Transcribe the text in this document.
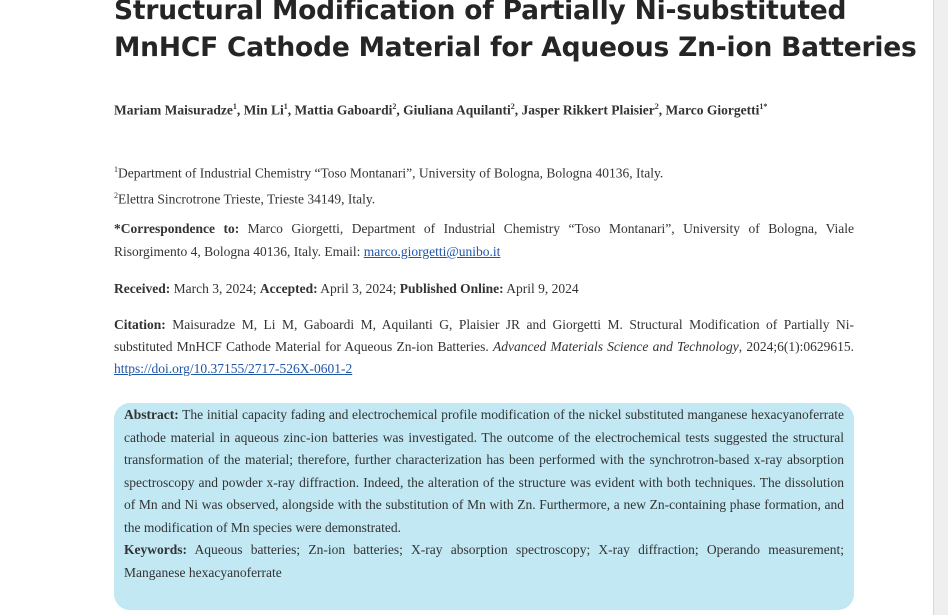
Structural Modification of Partially Ni-substituted
MnHCF Cathode Material for Aqueous Zn-ion Batteries
Mariam Maisuradze$^1$, Min Li$^1$, Mattia Gaboardi$^2$, Giuliana Aquilanti$^2$, Jasper Rikkert Plaisier$^2$, Marco Giorgetti$^{1*}$
$^1$Department of Industrial Chemistry “Toso Montanari”, University of Bologna, Bologna 40136, Italy.
$^2$Elettra Sincrotrone Trieste, Trieste 34149, Italy.
*Correspondence to: Marco Giorgetti, Department of Industrial Chemistry “Toso Montanari”, University of Bologna, Viale Risorgimento 4, Bologna 40136, Italy. Email: marco.giorgetti@unibo.it
Received: March 3, 2024; Accepted: April 3, 2024; Published Online: April 9, 2024
Citation: Maisuradze M, Li M, Gaboardi M, Aquilanti G, Plaisier JR and Giorgetti M. Structural Modification of Partially Ni-substituted MnHCF Cathode Material for Aqueous Zn-ion Batteries. Advanced Materials Science and Technology, 2024;6(1):0629615. https://doi.org/10.37155/2717-526X-0601-2

Abstract: The initial capacity fading and electrochemical profile modification of the nickel substituted manganese hexacyanoferrate cathode material in aqueous zinc-ion batteries was investigated. The outcome of the electrochemical tests suggested the structural transformation of the material; therefore, further characterization has been performed with the synchrotron-based x-ray absorption spectroscopy and powder x-ray diffraction. Indeed, the alteration of the structure was evident with both techniques. The dissolution of Mn and Ni was observed, alongside with the substitution of Mn with Zn. Furthermore, a new Zn-containing phase formation, and the modification of Mn species were demonstrated.

Keywords: Aqueous batteries; Zn-ion batteries; X-ray absorption spectroscopy; X-ray diffraction; Operando measurement; Manganese hexacyanoferrate
